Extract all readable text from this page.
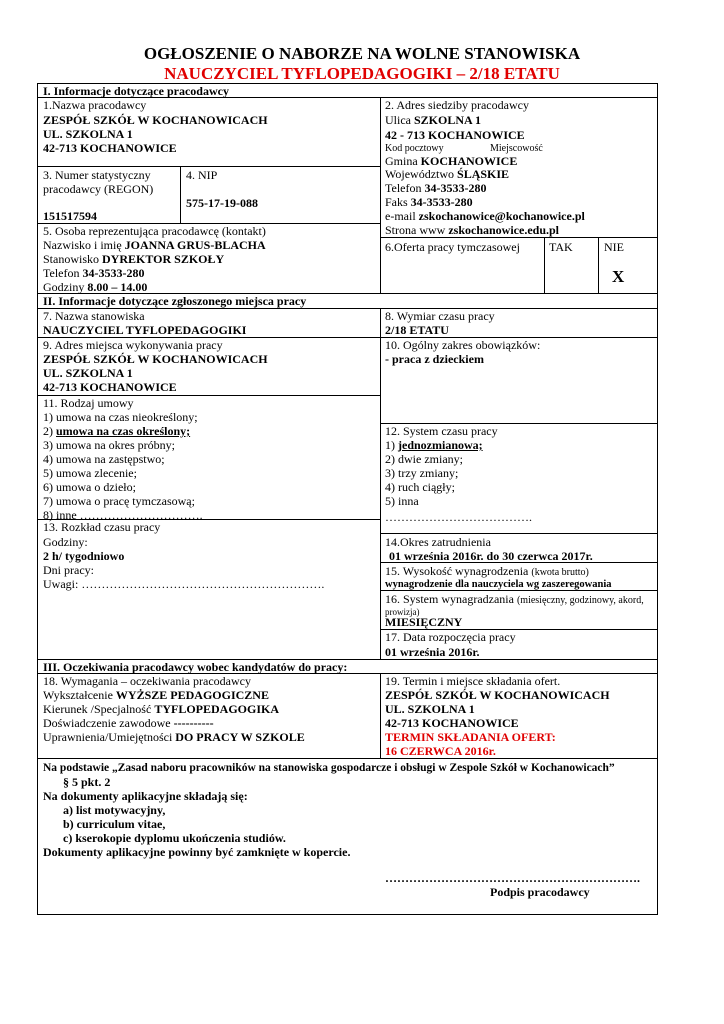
OGŁOSZENIE O NABORZE NA WOLNE STANOWISKA
NAUCZYCIEL TYFLOPEDAGOGIKI – 2/18 ETATU
I. Informacje dotyczące pracodawcy
1.Nazwa pracodawcy
ZESPÓŁ SZKÓŁ W KOCHANOWICACH
UL. SZKOLNA 1
42-713 KOCHANOWICE
2. Adres siedziby pracodawcy
Ulica SZKOLNA 1
42 - 713 KOCHANOWICE
Kod pocztowy	Miejscowość
Gmina KOCHANOWICE
Województwo ŚLĄSKIE
Telefon 34-3533-280
Faks 34-3533-280
e-mail zskochanowice@kochanowice.pl
Strona www zskochanowice.edu.pl
3. Numer statystyczny
pracodawcy (REGON)
151517594
4. NIP
575-17-19-088
5. Osoba reprezentująca pracodawcę (kontakt)
Nazwisko i imię JOANNA GRUS-BLACHA
Stanowisko DYREKTOR SZKOŁY
Telefon 34-3533-280
Godziny 8.00 – 14.00
6.Oferta pracy tymczasowej TAK	NIE
X
II. Informacje dotyczące zgłoszonego miejsca pracy
7. Nazwa stanowiska
NAUCZYCIEL TYFLOPEDAGOGIKI
8. Wymiar czasu pracy
2/18 ETATU
9. Adres miejsca wykonywania pracy
ZESPÓŁ SZKÓŁ W KOCHANOWICACH
UL. SZKOLNA 1
42-713 KOCHANOWICE
10. Ogólny zakres obowiązków:
- praca z dzieckiem
11. Rodzaj umowy
1) umowa na czas nieokreślony;
2) umowa na czas określony;
3) umowa na okres próbny;
4) umowa na zastępstwo;
5) umowa zlecenie;
6) umowa o dzieło;
7) umowa o pracę tymczasową;
8) inne ………………………….
12. System czasu pracy
1) jednozmianowa;
2) dwie zmiany;
3) trzy zmiany;
4) ruch ciągły;
5) inna
……………………………….
13. Rozkład czasu pracy
Godziny:
2 h/ tygodniowo
Dni pracy:
Uwagi: …………………………………………………….
14.Okres zatrudnienia
01 września 2016r. do 30 czerwca 2017r.
15. Wysokość wynagrodzenia (kwota brutto)
wynagrodzenie dla nauczyciela wg zaszeregowania
16. System wynagradzania (miesięczny, godzinowy, akord,
prowizja)
MIESIĘCZNY
17. Data rozpoczęcia pracy
01 września 2016r.
III. Oczekiwania pracodawcy wobec kandydatów do pracy:
18. Wymagania – oczekiwania pracodawcy
Wykształcenie WYŻSZE PEDAGOGICZNE
Kierunek /Specjalność TYFLOPEDAGOGIKA
Doświadczenie zawodowe ----------
Uprawnienia/Umiejętności DO PRACY W SZKOLE
19. Termin i miejsce składania ofert.
ZESPÓŁ SZKÓŁ W KOCHANOWICACH
UL. SZKOLNA 1
42-713 KOCHANOWICE
TERMIN SKŁADANIA OFERT:
16 CZERWCA 2016r.
Na podstawie „Zasad naboru pracowników na stanowiska gospodarcze i obsługi w Zespole Szkół w Kochanowicach”
§ 5 pkt. 2
Na dokumenty aplikacyjne składają się:
a) list motywacyjny,
b) curriculum vitae,
c) kserokopie dyplomu ukończenia studiów.
Dokumenty aplikacyjne powinny być zamknięte w kopercie.
……………………………………………………….
Podpis pracodawcy
